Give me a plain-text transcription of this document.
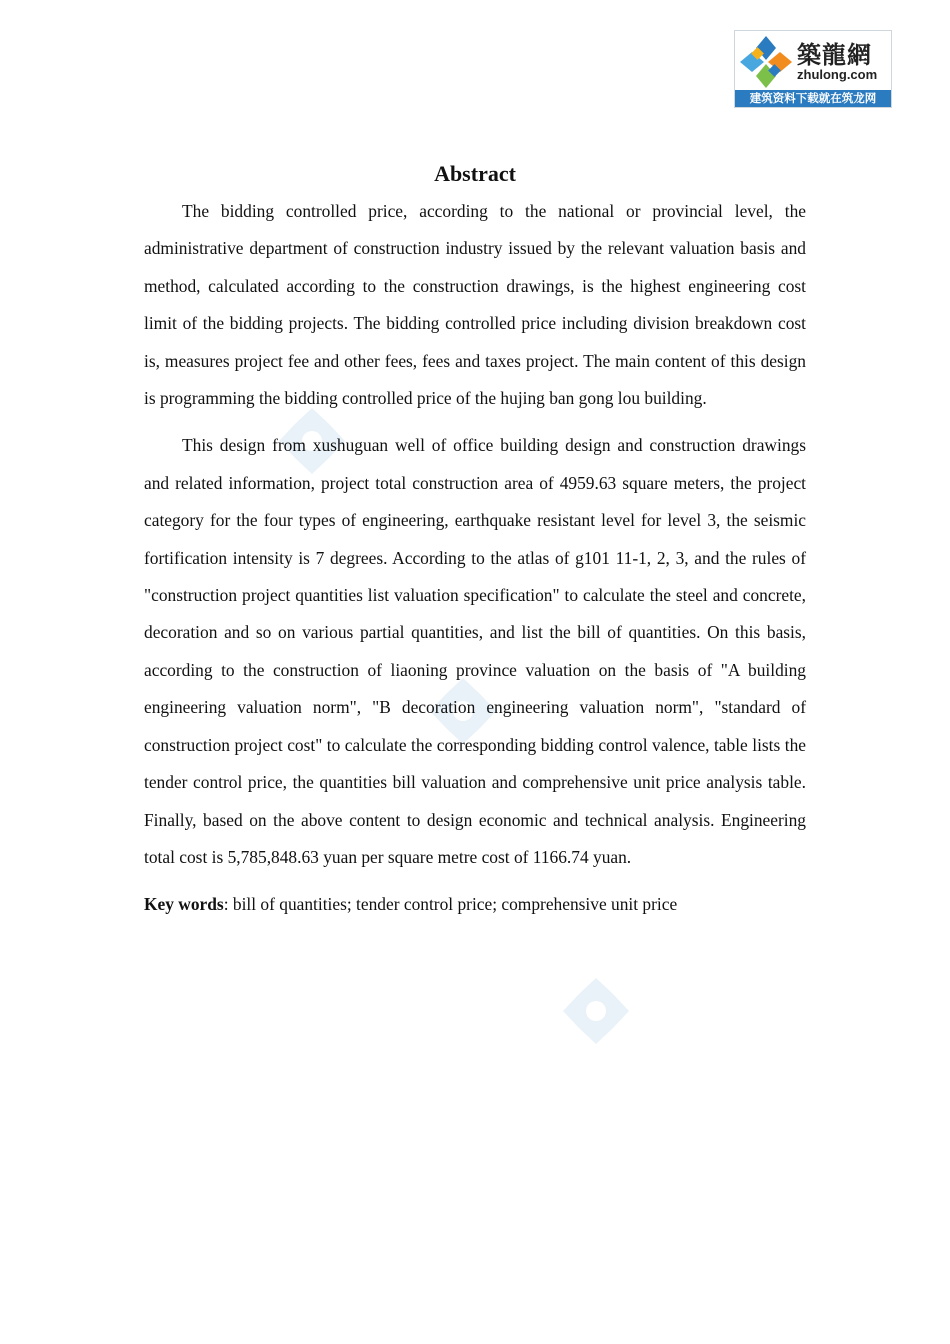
築龍網
zhulong.com
建筑资料下载就在筑龙网
Abstract

The bidding controlled price, according to the national or provincial level, the administrative department of construction industry issued by the relevant valuation basis and method, calculated according to the construction drawings, is the highest engineering cost limit of the bidding projects. The bidding controlled price including division breakdown cost is, measures project fee and other fees, fees and taxes project. The main content of this design is programming the bidding controlled price of the hujing ban gong lou building.

This design from xushuguan well of office building design and construction drawings and related information, project total construction area of 4959.63 square meters, the project category for the four types of engineering, earthquake resistant level for level 3, the seismic fortification intensity is 7 degrees. According to the atlas of g101 11-1, 2, 3, and the rules of "construction project quantities list valuation specification" to calculate the steel and concrete, decoration and so on various partial quantities, and list the bill of quantities. On this basis, according to the construction of liaoning province valuation on the basis of "A building engineering valuation norm", "B decoration engineering valuation norm", "standard of construction project cost" to calculate the corresponding bidding control valence, table lists the tender control price, the quantities bill valuation and comprehensive unit price analysis table. Finally, based on the above content to design economic and technical analysis. Engineering total cost is 5,785,848.63 yuan per square metre cost of 1166.74 yuan.

Key words: bill of quantities; tender control price; comprehensive unit price
